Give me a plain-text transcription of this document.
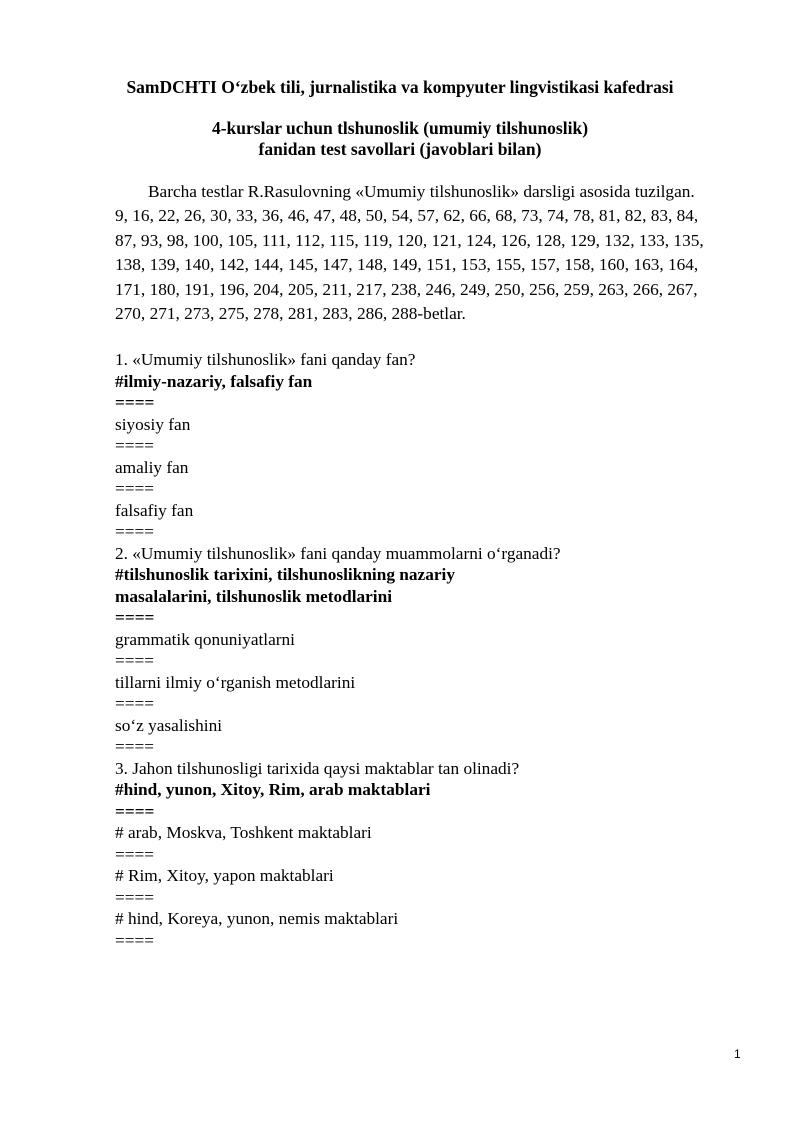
SamDCHTI O‘zbek tili, jurnalistika va kompyuter lingvistikasi kafedrasi
4-kurslar uchun tlshunoslik (umumiy tilshunoslik)
fanidan test savollari (javoblari bilan)
Barcha testlar R.Rasulovning «Umumiy tilshunoslik» darsligi asosida tuzilgan.
9, 16, 22, 26, 30, 33, 36, 46, 47, 48, 50, 54, 57, 62, 66, 68, 73, 74, 78, 81, 82, 83, 84,
87, 93, 98, 100, 105, 111, 112, 115, 119, 120, 121, 124, 126, 128, 129, 132, 133, 135,
138, 139, 140, 142, 144, 145, 147, 148, 149, 151, 153, 155, 157, 158, 160, 163, 164,
171, 180, 191, 196, 204, 205, 211, 217, 238, 246, 249, 250, 256, 259, 263, 266, 267,
270, 271, 273, 275, 278, 281, 283, 286, 288-betlar.
1. «Umumiy tilshunoslik» fani qanday fan?
#ilmiy-nazariy, falsafiy fan
====
siyosiy fan
====
amaliy fan
====
falsafiy fan
====
2. «Umumiy tilshunoslik» fani qanday muammolarni o‘rganadi?
#tilshunoslik tarixini, tilshunoslikning nazariy
masalalarini, tilshunoslik metodlarini
====
grammatik qonuniyatlarni
====
tillarni ilmiy o‘rganish metodlarini
====
so‘z yasalishini
====
3. Jahon tilshunosligi tarixida qaysi maktablar tan olinadi?
#hind, yunon, Xitoy, Rim, arab maktablari
====
# arab, Moskva, Toshkent maktablari
====
# Rim, Xitoy, yapon maktablari
====
# hind, Koreya, yunon, nemis maktablari
====
1
